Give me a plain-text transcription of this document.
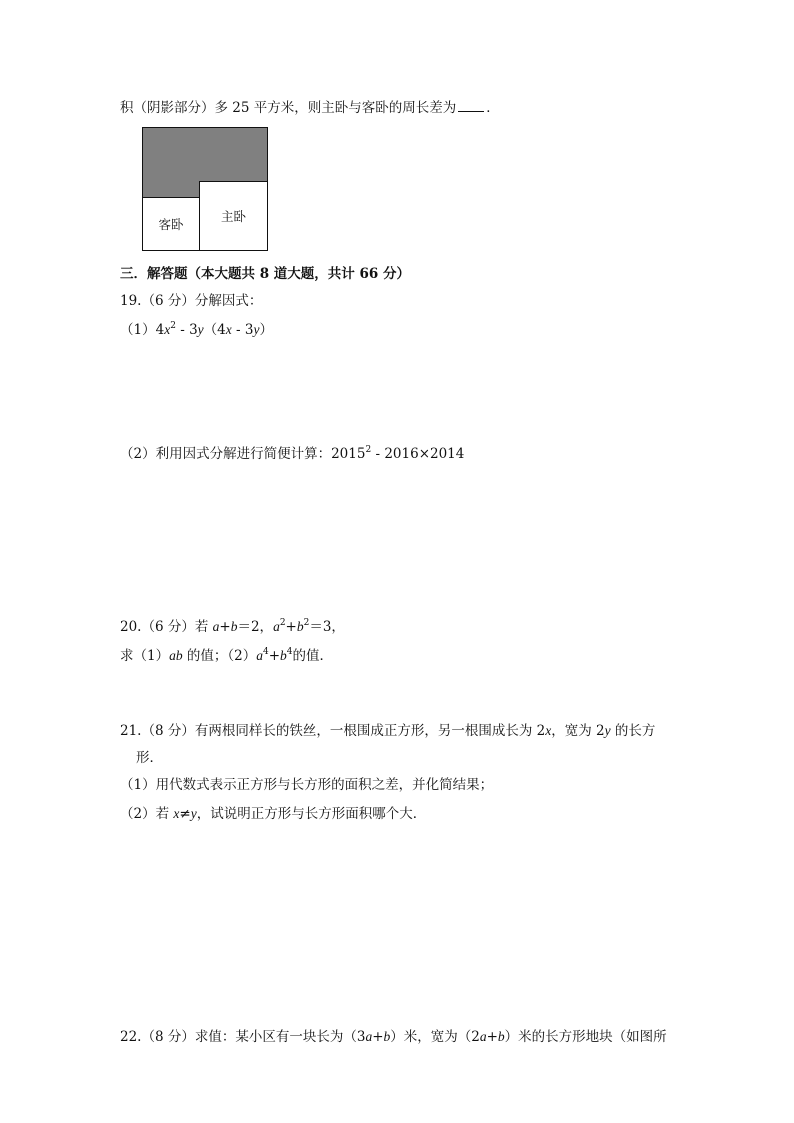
积（阴影部分）多 25 平方米，则主卧与客卧的周长差为 ．
客卧
主卧
三．解答题（本大题共 8 道大题，共计 66 分）
19.（6 分）分解因式：
$(1)4x^2 - 3y(4x - 3y)$
（2）利用因式分解进行简便计算：2015$^2$ - 2016×2014
20.（6 分）若 a+b＝2，$a^2+b^2=3$，
求（1）ab 的值；$(2)a^4+b^4$的值．
21.（8 分）有两根同样长的铁丝，一根围成正方形，另一根围成长为 2x，宽为 2y 的长方
形．
（1）用代数式表示正方形与长方形的面积之差，并化简结果；
（2）若 x≠y，试说明正方形与长方形面积哪个大．
22.（8 分）求值：某小区有一块长为（3a+b）米，宽为（2a+b）米的长方形地块（如图所
